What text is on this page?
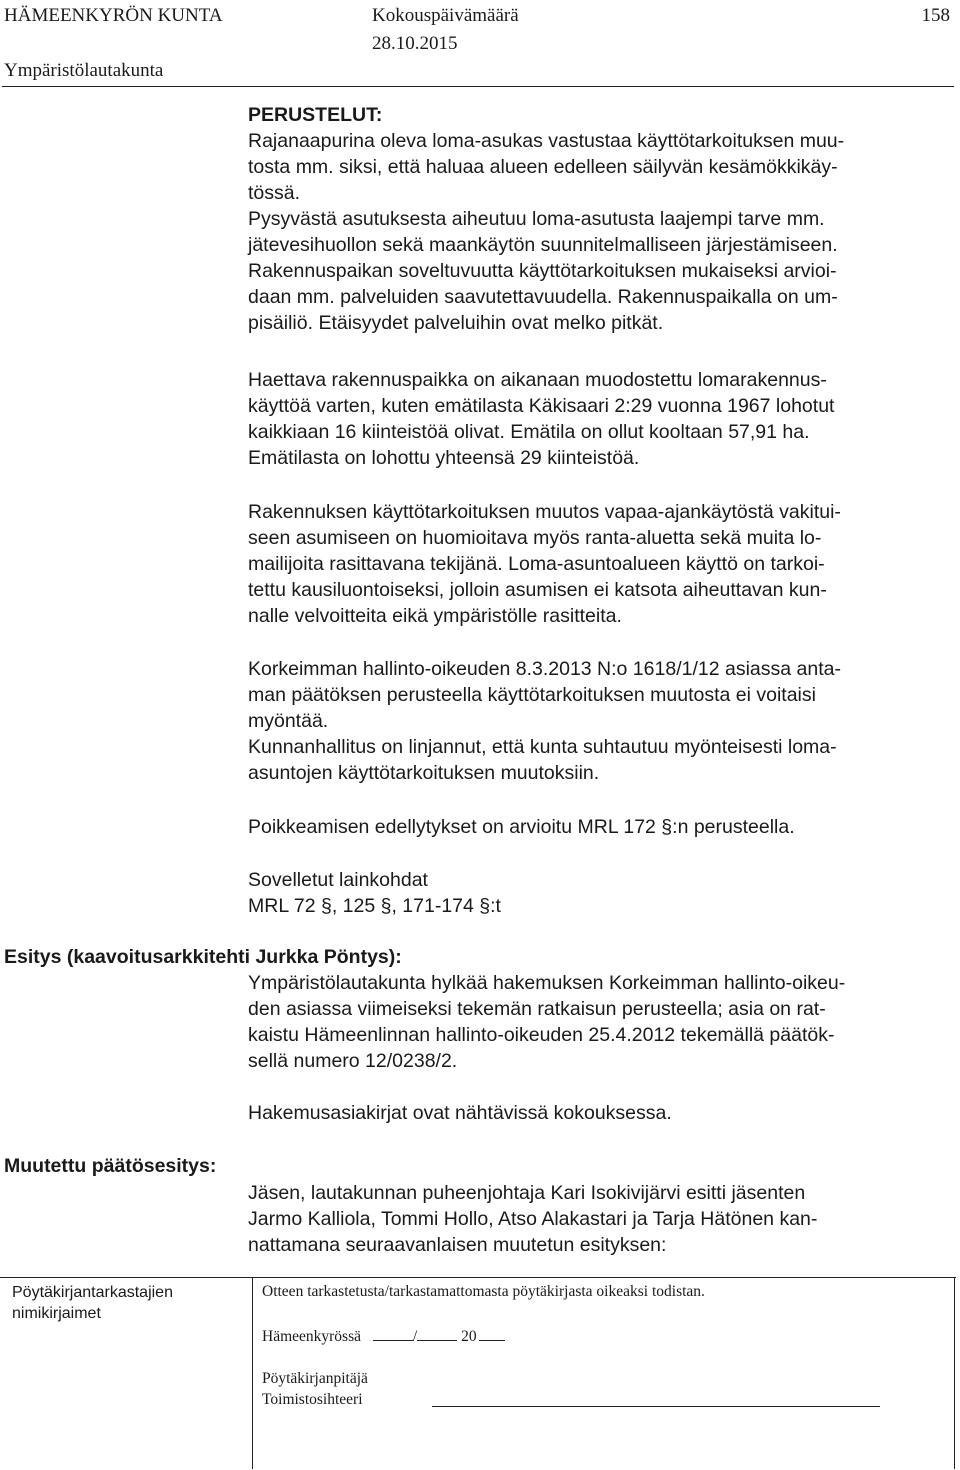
HÄMEENKYRÖN KUNTA	Kokouspäivämäärä	158
28.10.2015
Ympäristölautakunta

PERUSTELUT:

Rajanaapurina oleva loma-asukas vastustaa käyttötarkoituksen muu-

tosta mm. siksi, että haluaa alueen edelleen säilyvän kesämökkikäy-

tössä.

Pysyvästä asutuksesta aiheutuu loma-asutusta laajempi tarve mm.

jätevesihuollon sekä maankäytön suunnitelmalliseen järjestämiseen.

Rakennuspaikan soveltuvuutta käyttötarkoituksen mukaiseksi arvioi-

daan mm. palveluiden saavutettavuudella. Rakennuspaikalla on um-

pisäiliö. Etäisyydet palveluihin ovat melko pitkät.

Haettava rakennuspaikka on aikanaan muodostettu lomarakennus-

käyttöä varten, kuten emätilasta Käkisaari 2:29 vuonna 1967 lohotut

kaikkiaan 16 kiinteistöä olivat. Emätila on ollut kooltaan 57,91 ha.

Emätilasta on lohottu yhteensä 29 kiinteistöä.

Rakennuksen käyttötarkoituksen muutos vapaa-ajankäytöstä vakitui-

seen asumiseen on huomioitava myös ranta-aluetta sekä muita lo-

mailijoita rasittavana tekijänä. Loma-asuntoalueen käyttö on tarkoi-

tettu kausiluontoiseksi, jolloin asumisen ei katsota aiheuttavan kun-

nalle velvoitteita eikä ympäristölle rasitteita.

Korkeimman hallinto-oikeuden 8.3.2013 N:o 1618/1/12 asiassa anta-

man päätöksen perusteella käyttötarkoituksen muutosta ei voitaisi

myöntää.

Kunnanhallitus on linjannut, että kunta suhtautuu myönteisesti loma-

asuntojen käyttötarkoituksen muutoksiin.

Poikkeamisen edellytykset on arvioitu MRL 172 §:n perusteella.

Sovelletut lainkohdat

MRL 72 §, 125 §, 171-174 §:t

Esitys (kaavoitusarkkitehti Jurkka Pöntys):

Ympäristölautakunta hylkää hakemuksen Korkeimman hallinto-oikeu-

den asiassa viimeiseksi tekemän ratkaisun perusteella; asia on rat-

kaistu Hämeenlinnan hallinto-oikeuden 25.4.2012 tekemällä päätök-

sellä numero 12/0238/2.

Hakemusasiakirjat ovat nähtävissä kokouksessa.

Muutettu päätösesitys:

Jäsen, lautakunnan puheenjohtaja Kari Isokivijärvi esitti jäsenten

Jarmo Kalliola, Tommi Hollo, Atso Alakastari ja Tarja Hätönen kan-

nattamana seuraavanlaisen muutetun esityksen:

Pöytäkirjantarkastajien
nimikirjaimet
Otteen tarkastetusta/tarkastamattomasta pöytäkirjasta oikeaksi todistan.
Hämeenkyrössä	/	20
Pöytäkirjanpitäjä
Toimistosihteeri
